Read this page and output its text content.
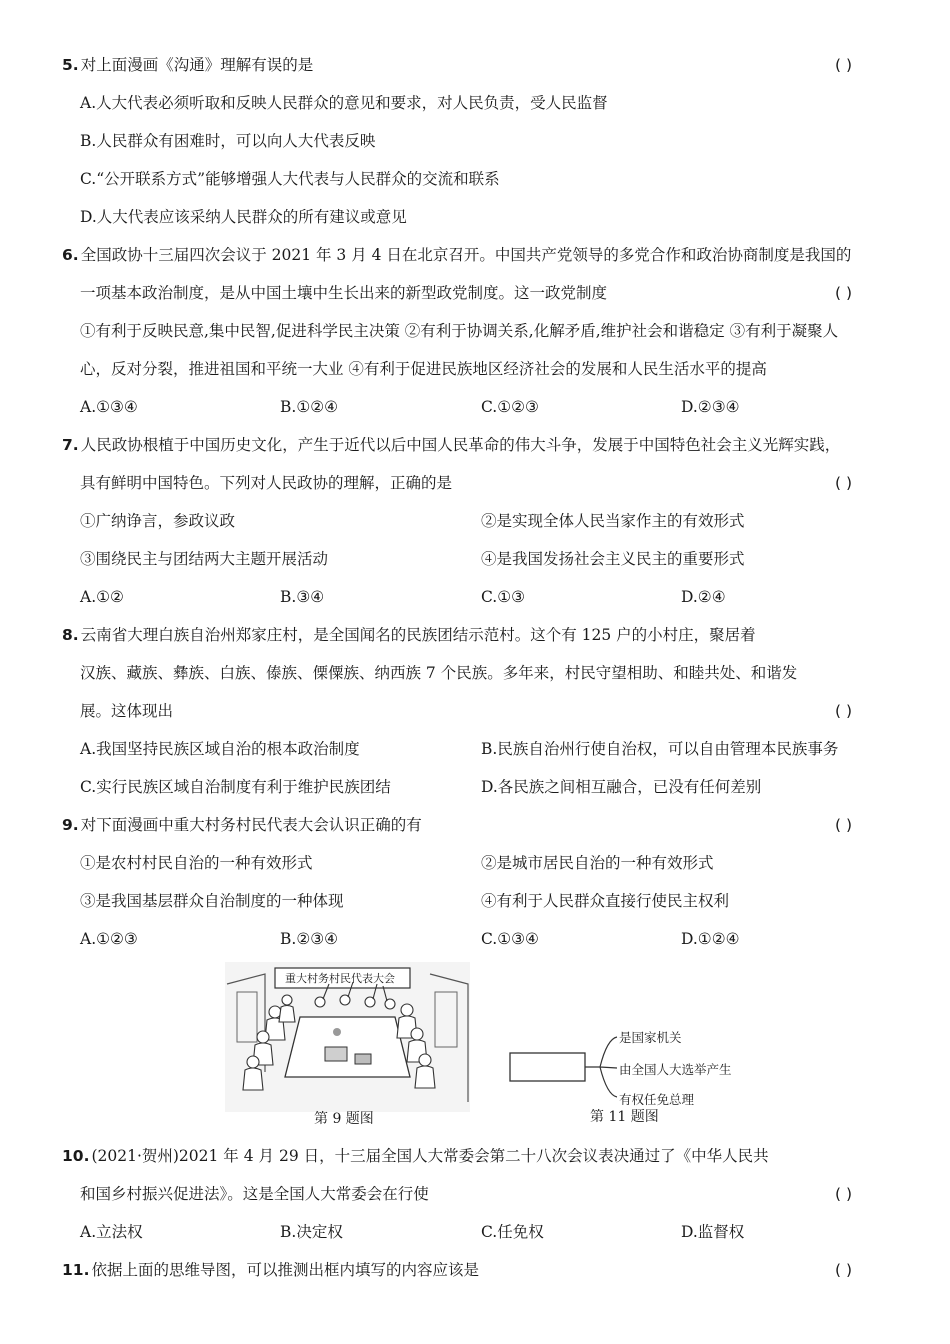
5. 对上面漫画《沟通》理解有误的是	( )
A.人大代表必须听取和反映人民群众的意见和要求，对人民负责，受人民监督
B.人民群众有困难时，可以向人大代表反映
C.“公开联系方式”能够增强人大代表与人民群众的交流和联系
D.人大代表应该采纳人民群众的所有建议或意见
6. 全国政协十三届四次会议于 2021 年 3 月 4 日在北京召开。中国共产党领导的多党合作和政治协商制度是我国的
一项基本政治制度，是从中国土壤中生长出来的新型政党制度。这一政党制度	( )
①有利于反映民意,集中民智,促进科学民主决策 ②有利于协调关系,化解矛盾,维护社会和谐稳定 ③有利于凝聚人
心，反对分裂，推进祖国和平统一大业 ④有利于促进民族地区经济社会的发展和人民生活水平的提高
A.①③④	B.①②④	C.①②③	D.②③④
7. 人民政协根植于中国历史文化，产生于近代以后中国人民革命的伟大斗争，发展于中国特色社会主义光辉实践，
具有鲜明中国特色。下列对人民政协的理解，正确的是	( )
①广纳诤言，参政议政	②是实现全体人民当家作主的有效形式
③围绕民主与团结两大主题开展活动	④是我国发扬社会主义民主的重要形式
A.①②	B.③④	C.①③	D.②④
8. 云南省大理白族自治州郑家庄村，是全国闻名的民族团结示范村。这个有 125 户的小村庄，聚居着
汉族、藏族、彝族、白族、傣族、傈僳族、纳西族 7 个民族。多年来，村民守望相助、和睦共处、和谐发
展。这体现出	( )
A.我国坚持民族区域自治的根本政治制度	B.民族自治州行使自治权，可以自由管理本民族事务
C.实行民族区域自治制度有利于维护民族团结	D.各民族之间相互融合，已没有任何差别
9. 对下面漫画中重大村务村民代表大会认识正确的有	( )
①是农村村民自治的一种有效形式	②是城市居民自治的一种有效形式
③是我国基层群众自治制度的一种体现	④有利于人民群众直接行使民主权利
A.①②③	B.②③④	C.①③④	D.①②④
重大村务村民代表大会
第 9 题图
是国家机关
由全国人大选举产生
有权任免总理
第 11 题图
10. (2021·贺州)2021 年 4 月 29 日，十三届全国人大常委会第二十八次会议表决通过了《中华人民共
和国乡村振兴促进法》。这是全国人大常委会在行使	( )
A.立法权	B.决定权	C.任免权	D.监督权
11. 依据上面的思维导图，可以推测出框内填写的内容应该是	( )
